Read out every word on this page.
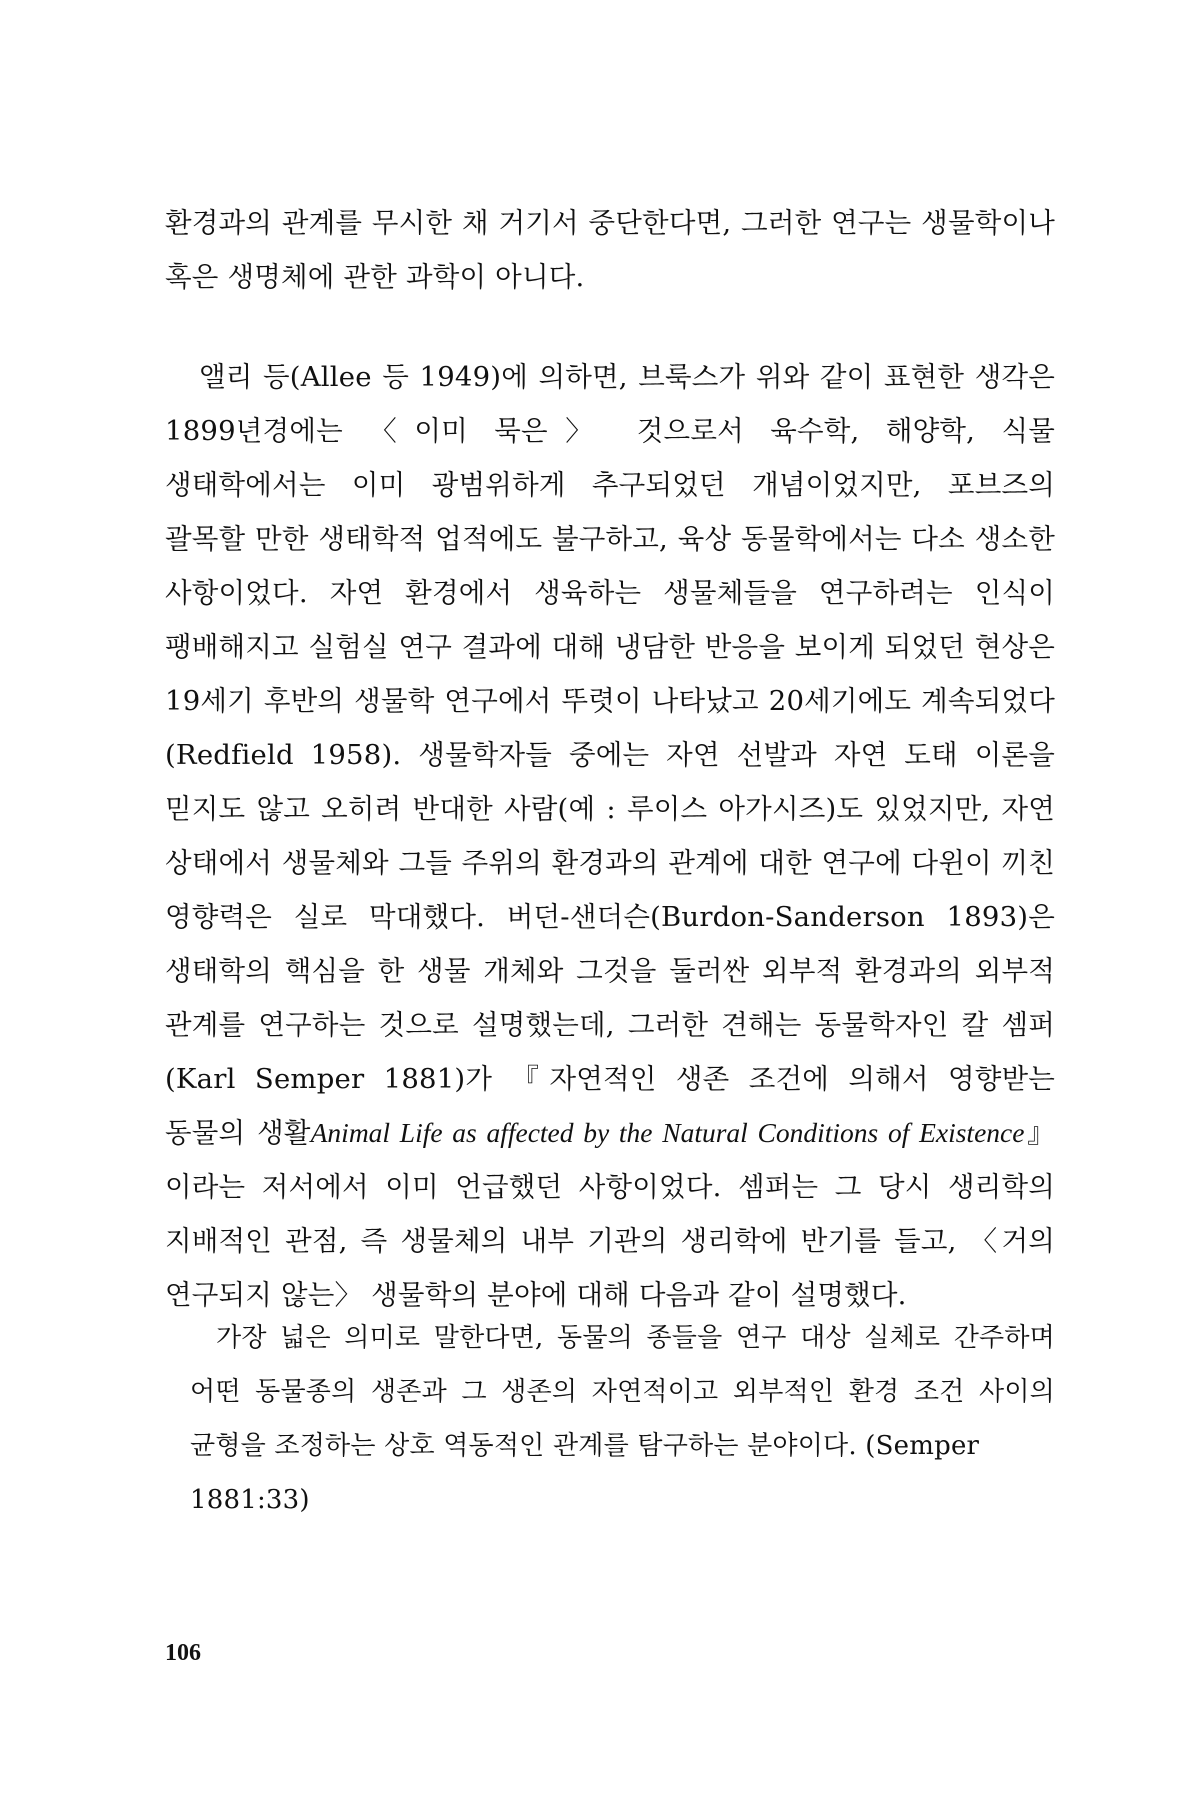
환경과의 관계를 무시한 채 거기서 중단한다면, 그러한 연구는 생물학이나 혹은 생명체에 관한 과학이 아니다.

앨리 등(Allee 등 1949)에 의하면, 브룩스가 위와 같이 표현한 생각은 1899년경에는 〈이미 묵은〉 것으로서 육수학, 해양학, 식물 생태학에서는 이미 광범위하게 추구되었던 개념이었지만, 포브즈의 괄목할 만한 생태학적 업적에도 불구하고, 육상 동물학에서는 다소 생소한 사항이었다. 자연 환경에서 생육하는 생물체들을 연구하려는 인식이 팽배해지고 실험실 연구 결과에 대해 냉담한 반응을 보이게 되었던 현상은 19세기 후반의 생물학 연구에서 뚜렷이 나타났고 20세기에도 계속되었다(Redfield 1958). 생물학자들 중에는 자연 선발과 자연 도태 이론을 믿지도 않고 오히려 반대한 사람(예 : 루이스 아가시즈)도 있었지만, 자연 상태에서 생물체와 그들 주위의 환경과의 관계에 대한 연구에 다윈이 끼친 영향력은 실로 막대했다. 버던-샌더슨(Burdon-Sanderson 1893)은 생태학의 핵심을 한 생물 개체와 그것을 둘러싼 외부적 환경과의 외부적 관계를 연구하는 것으로 설명했는데, 그러한 견해는 동물학자인 칼 셈퍼(Karl Semper 1881)가 『자연적인 생존 조건에 의해서 영향받는 동물의 생활Animal Life as affected by the Natural Conditions of Existence』이라는 저서에서 이미 언급했던 사항이었다. 셈퍼는 그 당시 생리학의 지배적인 관점, 즉 생물체의 내부 기관의 생리학에 반기를 들고, 〈거의 연구되지 않는〉 생물학의 분야에 대해 다음과 같이 설명했다.

가장 넓은 의미로 말한다면, 동물의 종들을 연구 대상 실체로 간주하며 어떤 동물종의 생존과 그 생존의 자연적이고 외부적인 환경 조건 사이의 균형을 조정하는 상호 역동적인 관계를 탐구하는 분야이다. (Semper
1881:33)
106
